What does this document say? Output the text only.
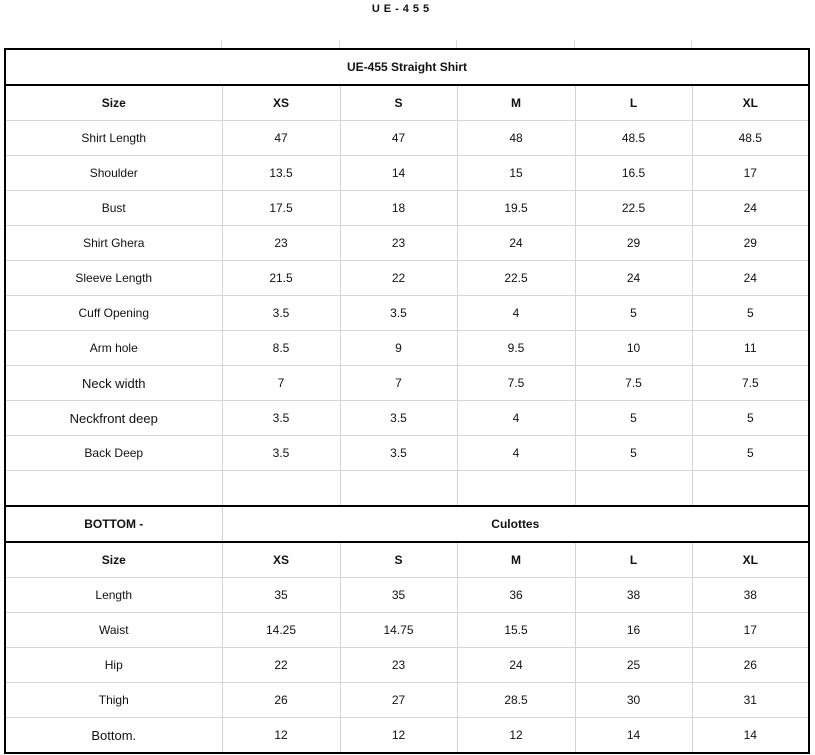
UE-455
UE-455 Straight Shirt					
Size	XS	S	M	L	XL
Shirt Length	47	47	48	48.5	48.5
Shoulder	13.5	14	15	16.5	17
Bust	17.5	18	19.5	22.5	24
Shirt Ghera	23	23	24	29	29
Sleeve Length	21.5	22	22.5	24	24
Cuff Opening	3.5	3.5	4	5	5
Arm hole	8.5	9	9.5	10	11
Neck width	7	7	7.5	7.5	7.5
Neckfront deep	3.5	3.5	4	5	5
Back Deep	3.5	3.5	4	5	5

BOTTOM -	Culottes				
Size	XS	S	M	L	XL
Length	35	35	36	38	38
Waist	14.25	14.75	15.5	16	17
Hip	22	23	24	25	26
Thigh	26	27	28.5	30	31
Bottom.	12	12	12	14	14
